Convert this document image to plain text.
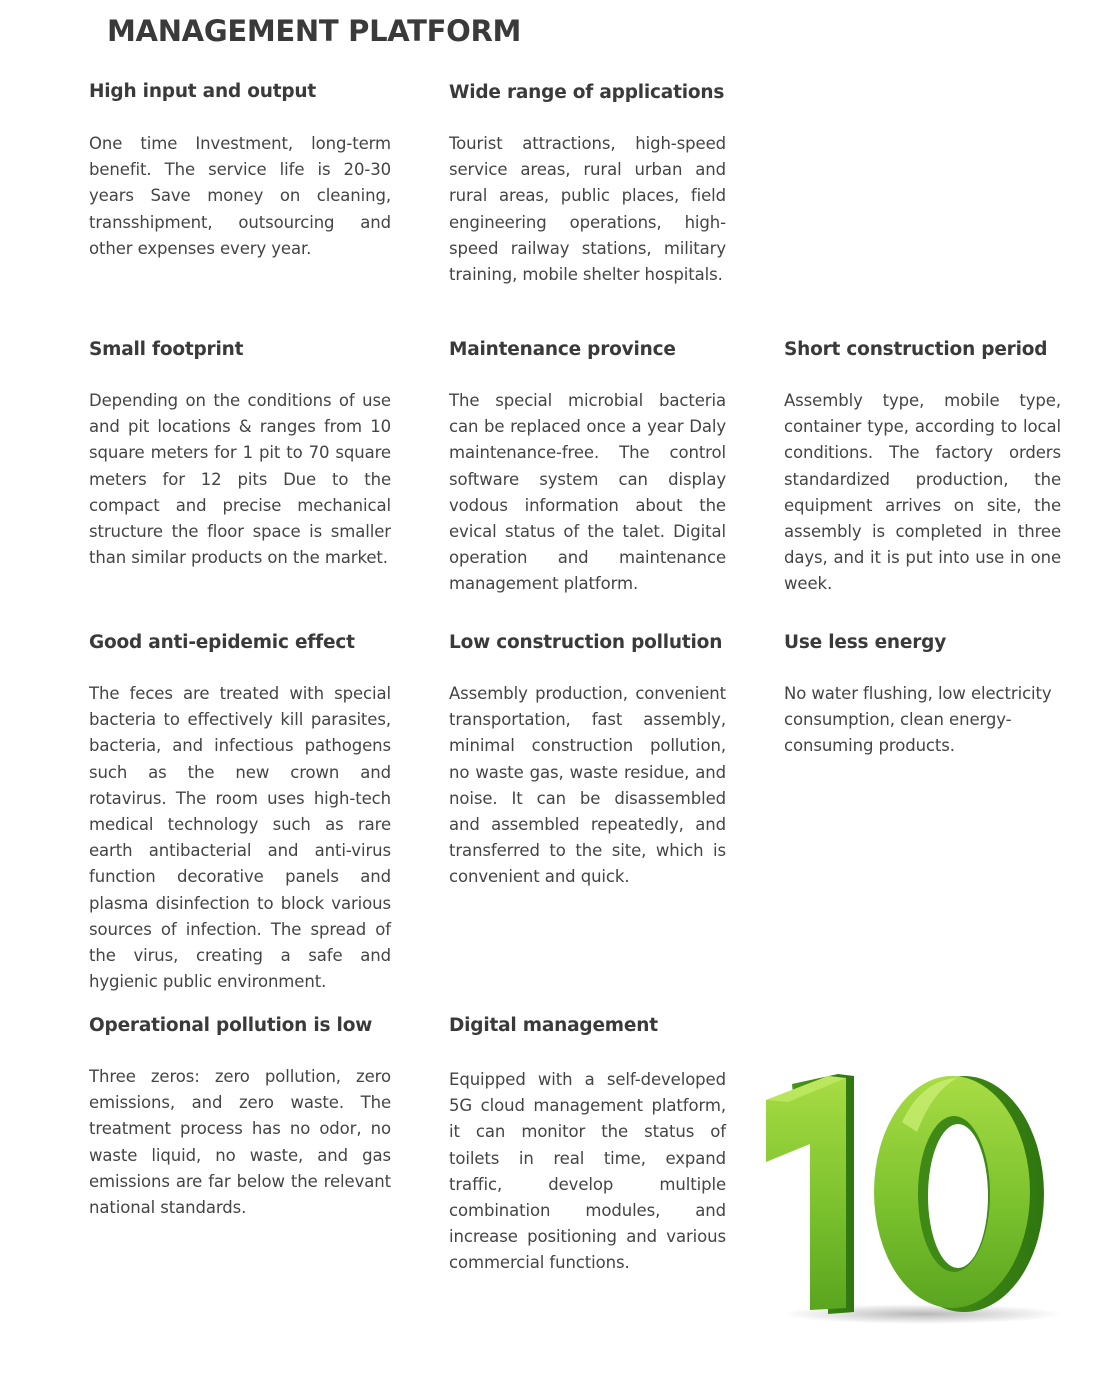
MANAGEMENT PLATFORM
High input and output

One time Investment, long-term benefit. The service life is 20-30 years Save money on cleaning, transshipment, outsourcing and other expenses every year.

Wide range of applications

Tourist attractions, high-speed service areas, rural urban and rural areas, public places, field engineering operations, high-speed railway stations, military training, mobile shelter hospitals.

Small footprint

Depending on the conditions of use and pit locations & ranges from 10 square meters for 1 pit to 70 square meters for 12 pits Due to the compact and precise mechanical structure the floor space is smaller than similar products on the market.

Maintenance province

The special microbial bacteria can be replaced once a year Daly maintenance-free. The control software system can display vodous information about the evical status of the talet. Digital operation and maintenance management platform.

Short construction period

Assembly type, mobile type, container type, according to local conditions. The factory orders standardized production, the equipment arrives on site, the assembly is completed in three days, and it is put into use in one week.

Good anti-epidemic effect

The feces are treated with special bacteria to effectively kill parasites, bacteria, and infectious pathogens such as the new crown and rotavirus. The room uses high-tech medical technology such as rare earth antibacterial and anti-virus function decorative panels and plasma disinfection to block various sources of infection. The spread of the virus, creating a safe and hygienic public environment.

Low construction pollution

Assembly production, convenient transportation, fast assembly, minimal construction pollution, no waste gas, waste residue, and noise. It can be disassembled and assembled repeatedly, and transferred to the site, which is convenient and quick.

Use less energy

No water flushing, low electricity consumption, clean energy-consuming products.

Operational pollution is low

Three zeros: zero pollution, zero emissions, and zero waste. The treatment process has no odor, no waste liquid, no waste, and gas emissions are far below the relevant national standards.

Digital management

Equipped with a self-developed 5G cloud management platform, it can monitor the status of toilets in real time, expand traffic, develop multiple combination modules, and increase positioning and various commercial functions.
